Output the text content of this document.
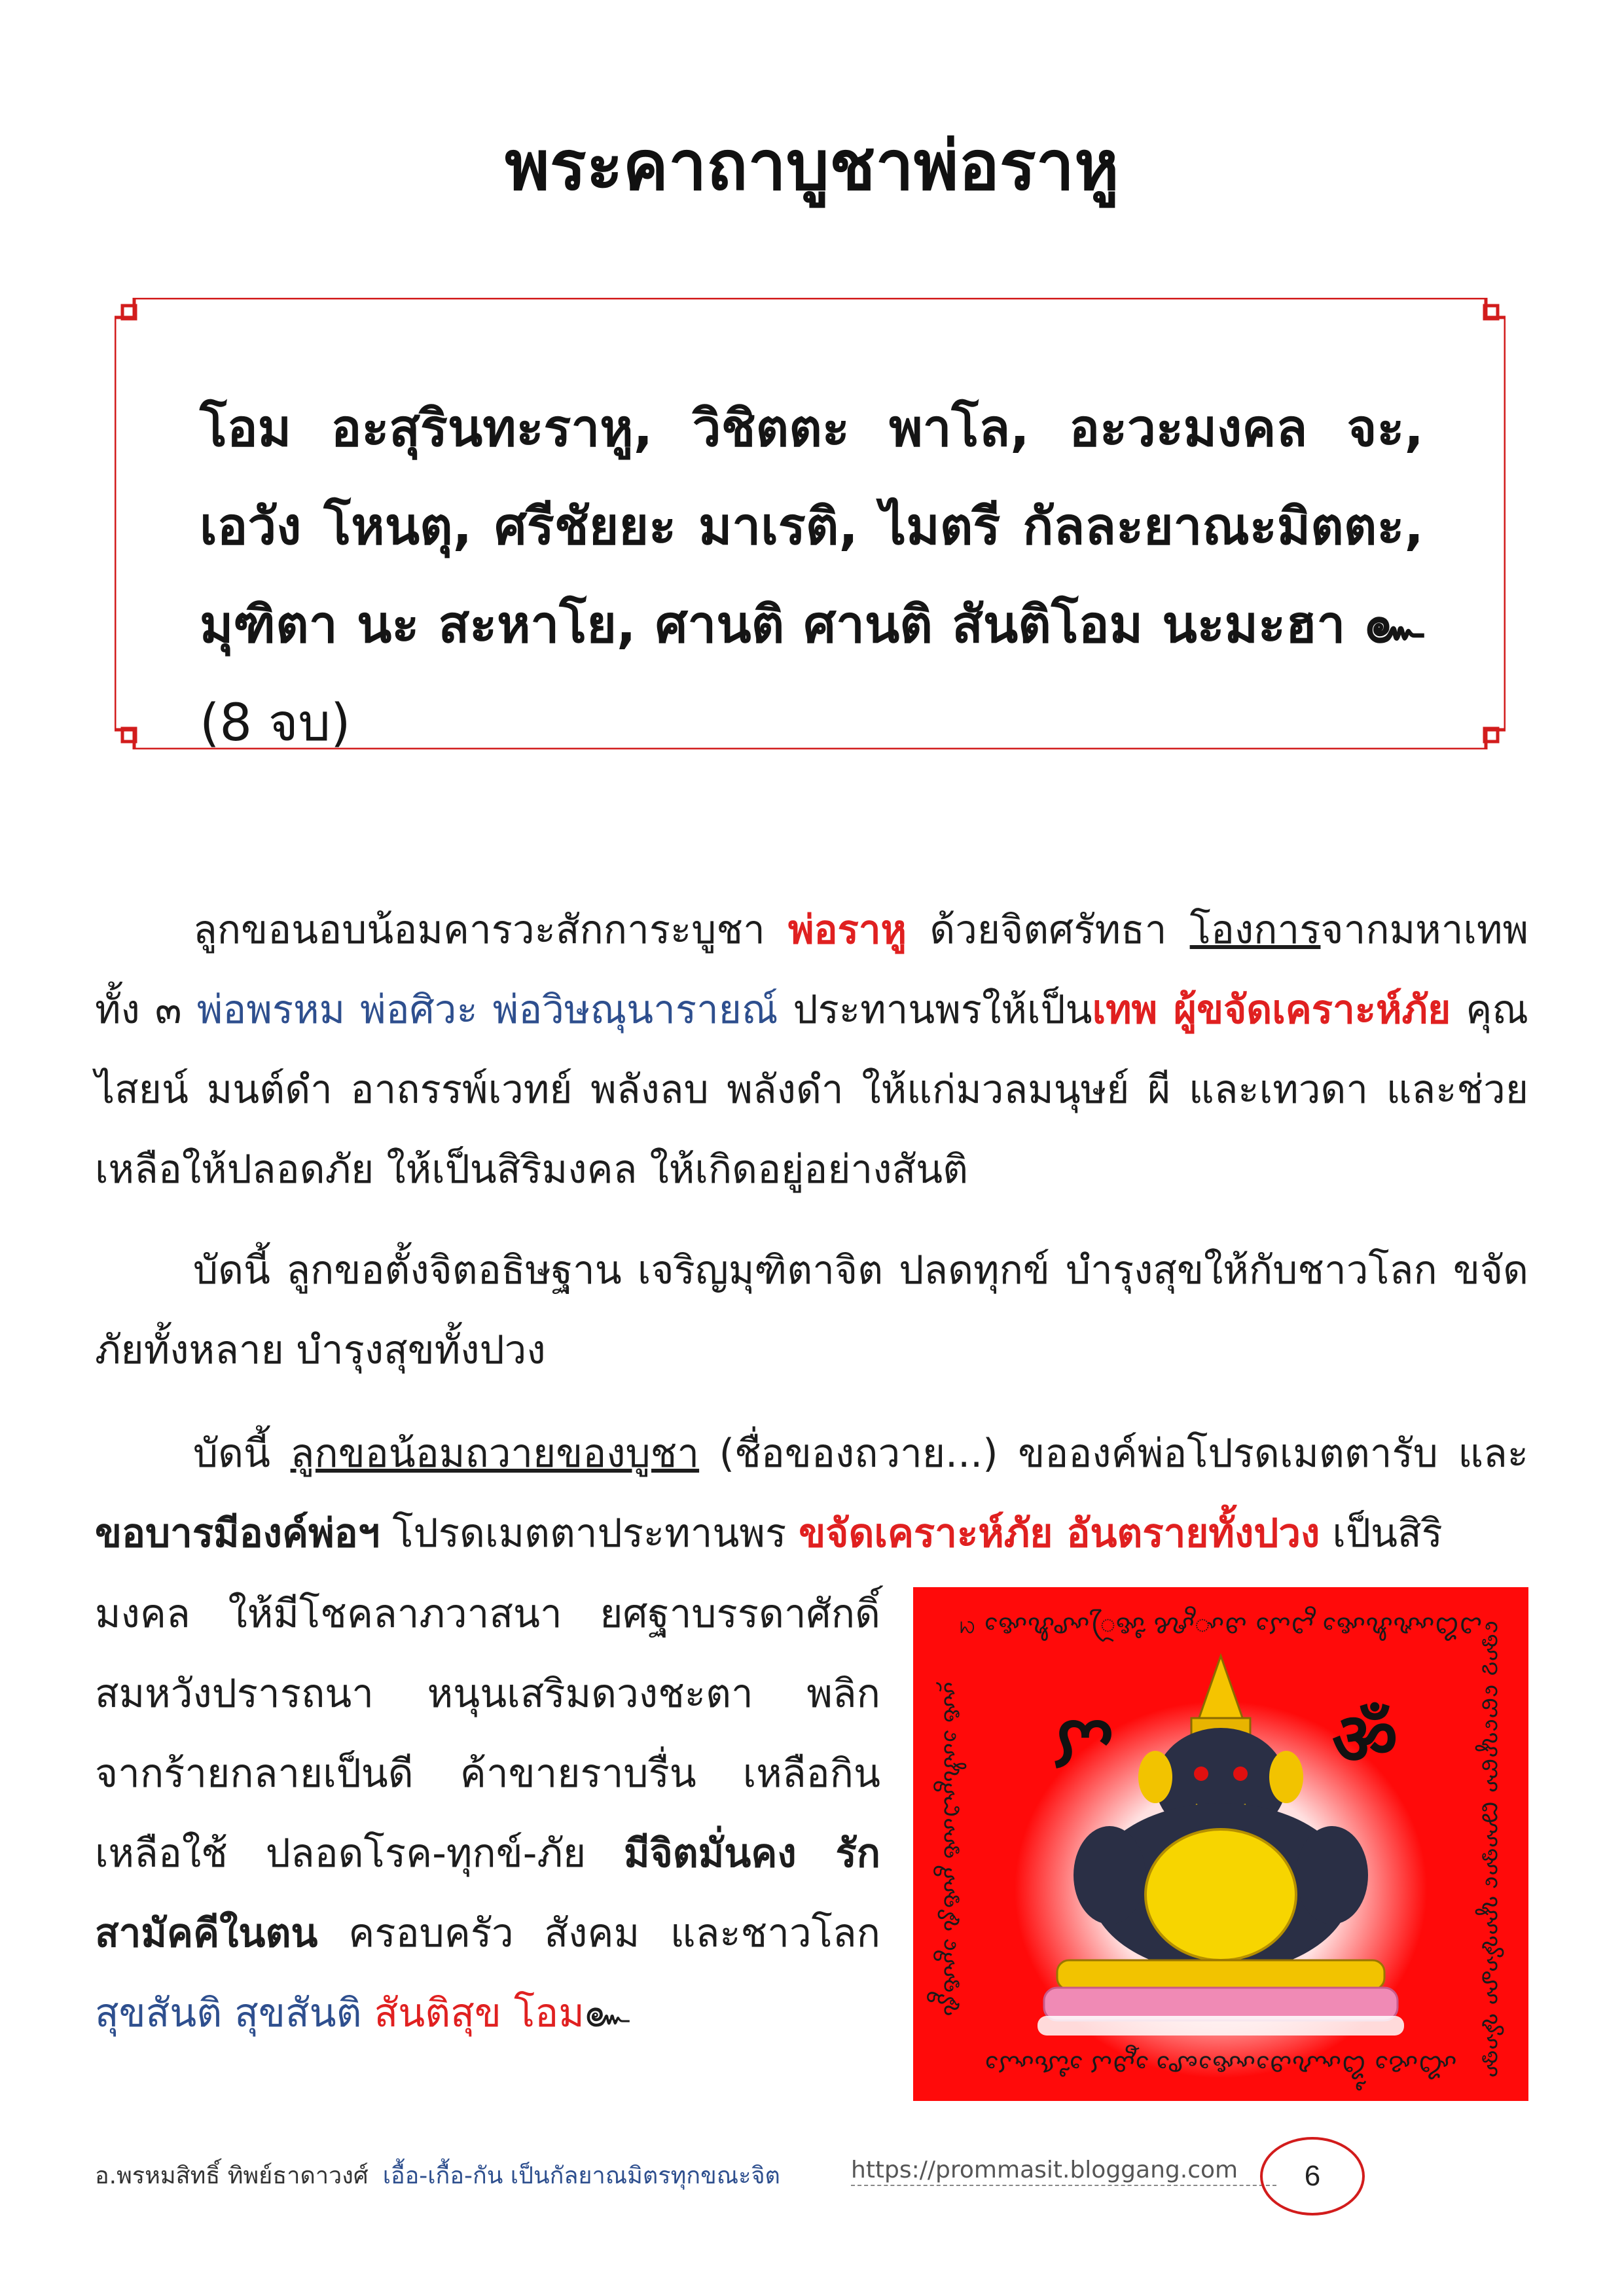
พระคาถาบูชาพ่อราหู
โอม อะสุรินทะราหู, วิชิตตะ พาโล, อะวะมงคล จะ, เอวัง โหนตุ, ศรีชัยยะ มาเรติ, ไมตรี กัลละยาณะมิตตะ, มุฑิตา นะ สะหาโย, ศานติ ศานติ สันติโอม นะมะฮา ๛ (8 จบ)
ลูกขอนอบน้อมคารวะสักการะบูชา พ่อราหู ด้วยจิตศรัทธา โองการจากมหาเทพทั้ง ๓ พ่อพรหม พ่อศิวะ พ่อวิษณุนารายณ์ ประทานพรให้เป็นเทพ ผู้ขจัดเคราะห์ภัย คุณไสยน์ มนต์ดำ อาถรรพ์เวทย์ พลังลบ พลังดำ ให้แก่มวลมนุษย์ ผี และเทวดา และช่วยเหลือให้ปลอดภัย ให้เป็นสิริมงคล ให้เกิดอยู่อย่างสันติ
บัดนี้ ลูกขอตั้งจิตอธิษฐาน เจริญมุฑิตาจิต ปลดทุกข์ บำรุงสุขให้กับชาวโลก ขจัดภัยทั้งหลาย บำรุงสุขทั้งปวง
บัดนี้ ลูกขอน้อมถวายของบูชา (ชื่อของถวาย...) ขอองค์พ่อโปรดเมตตารับ และขอบารมีองค์พ่อฯ โปรดเมตตาประทานพร ขจัดเคราะห์ภัย อันตรายทั้งปวง เป็นสิริ
มงคล ให้มีโชคลาภวาสนา ยศฐาบรรดาศักดิ์
สมหวังปรารถนา หนุนเสริมดวงชะตา พลิก
จากร้ายกลายเป็นดี ค้าขายราบรื่น เหลือกิน
เหลือใช้ ปลอดโรค-ทุกข์-ภัย มีจิตมั่นคง รัก
สามัคคีในตน ครอบครัว สังคม และชาวโลก
สุขสันติ สุขสันติ สันติสุข โอม๛
ꩢ ꨀꨯꨥꨣꨳꨴꨀꨵ ꨍꨪꨳꨓ ꨆꨯꨤꨪ ꨀꨯꨥꨟꨳꨁꨤ
ꨆꨳꨯꨎꨵ ꨯꨆꨓꨬ ꨯꨨꨯꨀꨳꨯꨓꨯꨉꨳꨁꨵ ꨂꨳꨯꨁꨳ
ꨃꨪꨀꨳꨪ ꨯꨃꨀꨳꨪ ꨀꨳꨤꨳꨪꨥꨳ ꨯꨀꨳꨮ	ꨀꨯꨂ ꨓꨯꨥꨯꨓꨳ ꨐꨳꨀ ꨯꨥꨳꨃꨳꨣꨳ ꨃꨳꨀ
ꨆ	ॐ
อ.พรหมสิทธิ์ ทิพย์ธาดาวงศ์ เอื้อ-เกื้อ-กัน เป็นกัลยาณมิตรทุกขณะจิต	https://prommasit.bloggang.com	6
